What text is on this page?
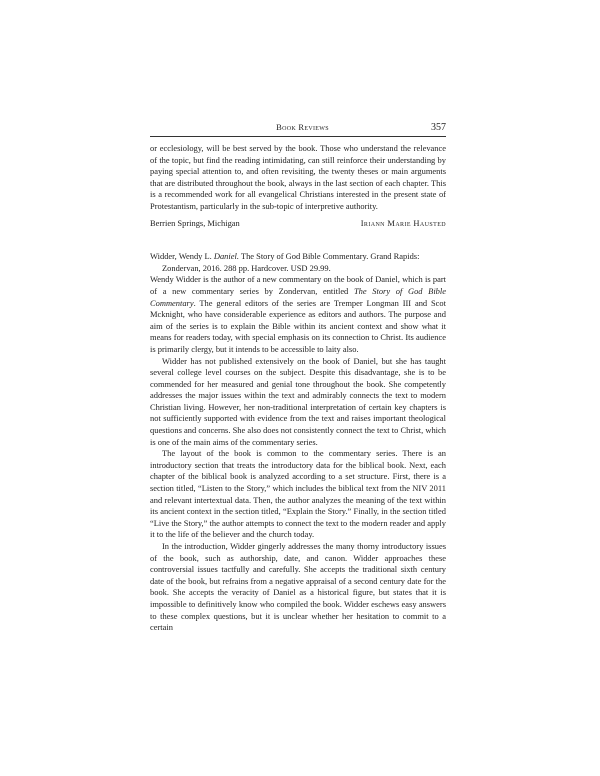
Book Reviews	357

or ecclesiology, will be best served by the book. Those who understand the relevance of the topic, but find the reading intimidating, can still reinforce their understanding by paying special attention to, and often revisiting, the twenty theses or main arguments that are distributed throughout the book, always in the last section of each chapter. This is a recommended work for all evangelical Christians interested in the present state of Protestantism, particularly in the sub-topic of interpretive authority.

Berrien Springs, Michigan	Iriann Marie Hausted

Widder, Wendy L. Daniel. The Story of God Bible Commentary. Grand Rapids: Zondervan, 2016. 288 pp. Hardcover. USD 29.99.

Wendy Widder is the author of a new commentary on the book of Daniel, which is part of a new commentary series by Zondervan, entitled The Story of God Bible Commentary. The general editors of the series are Tremper Longman III and Scot Mcknight, who have considerable experience as editors and authors. The purpose and aim of the series is to explain the Bible within its ancient context and show what it means for readers today, with special emphasis on its connection to Christ. Its audience is primarily clergy, but it intends to be accessible to laity also.

Widder has not published extensively on the book of Daniel, but she has taught several college level courses on the subject. Despite this disadvantage, she is to be commended for her measured and genial tone throughout the book. She competently addresses the major issues within the text and admirably connects the text to modern Christian living. However, her non-traditional interpretation of certain key chapters is not sufficiently supported with evidence from the text and raises important theological questions and concerns. She also does not consistently connect the text to Christ, which is one of the main aims of the commentary series.

The layout of the book is common to the commentary series. There is an introductory section that treats the introductory data for the biblical book. Next, each chapter of the biblical book is analyzed according to a set structure. First, there is a section titled, “Listen to the Story,” which includes the biblical text from the NIV 2011 and relevant intertextual data. Then, the author analyzes the meaning of the text within its ancient context in the section titled, “Explain the Story.” Finally, in the section titled “Live the Story,” the author attempts to connect the text to the modern reader and apply it to the life of the believer and the church today.

In the introduction, Widder gingerly addresses the many thorny introductory issues of the book, such as authorship, date, and canon. Widder approaches these controversial issues tactfully and carefully. She accepts the traditional sixth century date of the book, but refrains from a negative appraisal of a second century date for the book. She accepts the veracity of Daniel as a historical figure, but states that it is impossible to definitively know who compiled the book. Widder eschews easy answers to these complex questions, but it is unclear whether her hesitation to commit to a certain
